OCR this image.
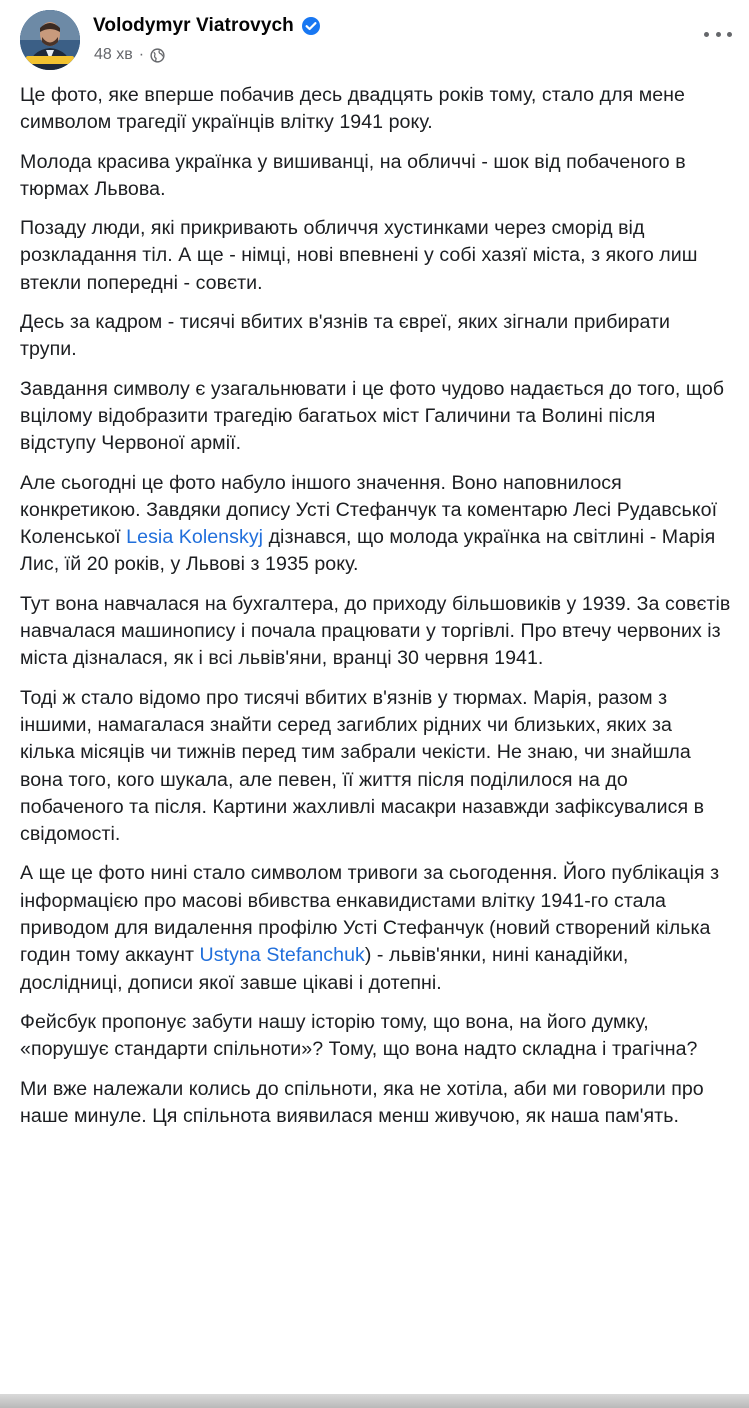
Volodymyr Viatrovych
48 хв ·

Це фото, яке вперше побачив десь двадцять років тому, стало для мене символом трагедії українців влітку 1941 року.

Молода красива українка у вишиванці, на обличчі - шок від побаченого в тюрмах Львова.

Позаду люди, які прикривають обличчя хустинками через сморід від розкладання тіл. А ще - німці, нові впевнені у собі хазяї міста, з якого лиш втекли попередні - совєти.

Десь за кадром - тисячі вбитих в'язнів та євреї, яких зігнали прибирати трупи.

Завдання символу є узагальнювати і це фото чудово надається до того, щоб вцілому відобразити трагедію багатьох міст Галичини та Волині після відступу Червоної армії.

Але сьогодні це фото набуло іншого значення. Воно наповнилося конкретикою. Завдяки допису Усті Стефанчук та коментарю Лесі Рудавської Коленської Lesia Kolenskyj дізнався, що молода українка на світлині - Марія Лис, їй 20 років, у Львові з 1935 року.

Тут вона навчалася на бухгалтера, до приходу більшовиків у 1939. За совєтів навчалася машинопису і почала працювати у торгівлі. Про втечу червоних із міста дізналася, як і всі львів'яни, вранці 30 червня 1941.

Тоді ж стало відомо про тисячі вбитих в'язнів у тюрмах. Марія, разом з іншими, намагалася знайти серед загиблих рідних чи близьких, яких за кілька місяців чи тижнів перед тим забрали чекісти. Не знаю, чи знайшла вона того, кого шукала, але певен, її життя після поділилося на до побаченого та після. Картини жахливлі масакри назавжди зафіксувалися в свідомості.

А ще це фото нині стало символом тривоги за сьогодення. Його публікація з інформацією про масові вбивства енкавидистами влітку 1941-го стала приводом для видалення профілю Усті Стефанчук (новий створений кілька годин тому аккаунт Ustyna Stefanchuk) - львів'янки, нині канадійки, дослідниці, дописи якої завше цікаві і дотепні.

Фейсбук пропонує забути нашу історію тому, що вона, на його думку, «порушує стандарти спільноти»? Тому, що вона надто складна і трагічна?

Ми вже належали колись до спільноти, яка не хотіла, аби ми говорили про наше минуле. Ця спільнота виявилася менш живучою, як наша пам'ять.
